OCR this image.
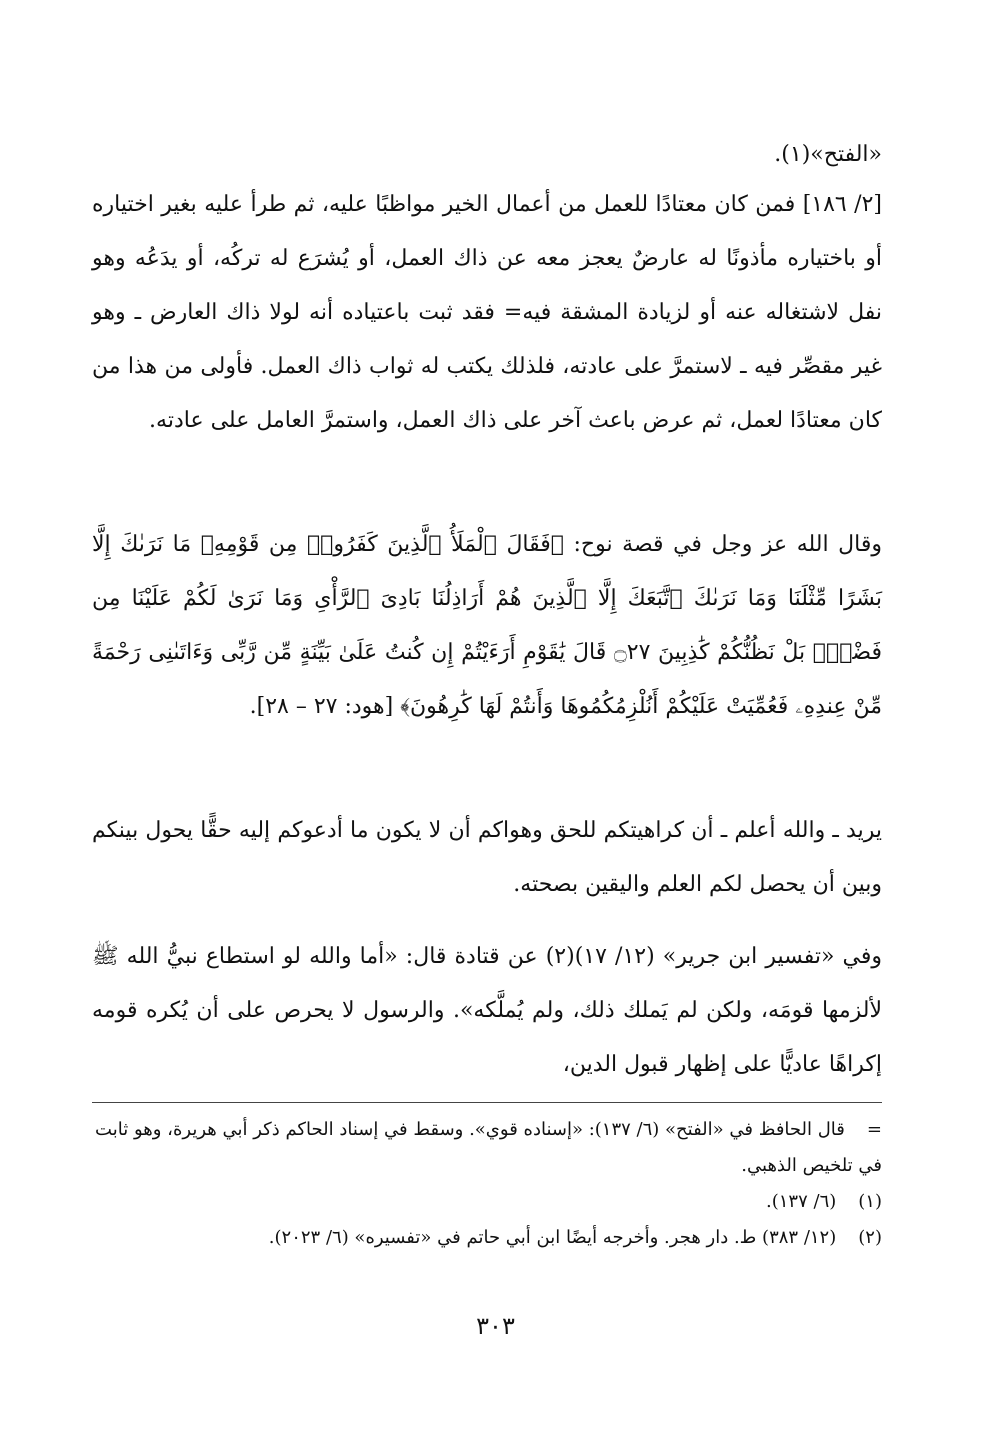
«الفتح»(١).

[٢/ ١٨٦] فمن كان معتادًا للعمل من أعمال الخير مواظبًا عليه، ثم طرأ عليه بغير اختياره أو باختياره مأذونًا له عارضٌ يعجز معه عن ذاك العمل، أو يُشرَع له تركُه، أو يدَعُه وهو نفل لاشتغاله عنه أو لزيادة المشقة فيه= فقد ثبت باعتياده أنه لولا ذاك العارض ـ وهو غير مقصِّر فيه ـ لاستمرَّ على عادته، فلذلك يكتب له ثواب ذاك العمل. فأولى من هذا من كان معتادًا لعمل، ثم عرض باعث آخر على ذاك العمل، واستمرَّ العامل على عادته.

وقال الله عز وجل في قصة نوح: ﴿فَقَالَ ٱلْمَلَأُ ٱلَّذِينَ كَفَرُوا۟ مِن قَوْمِهِۦ مَا نَرَىٰكَ إِلَّا بَشَرًا مِّثْلَنَا وَمَا نَرَىٰكَ ٱتَّبَعَكَ إِلَّا ٱلَّذِينَ هُمْ أَرَاذِلُنَا بَادِىَ ٱلرَّأْىِ وَمَا نَرَىٰ لَكُمْ عَلَيْنَا مِن فَضْلٍۭ بَلْ نَظُنُّكُمْ كَٰذِبِينَ ۝٢٧ قَالَ يَٰقَوْمِ أَرَءَيْتُمْ إِن كُنتُ عَلَىٰ بَيِّنَةٍ مِّن رَّبِّى وَءَاتَىٰنِى رَحْمَةً مِّنْ عِندِهِۦ فَعُمِّيَتْ عَلَيْكُمْ أَنُلْزِمُكُمُوهَا وَأَنتُمْ لَهَا كَٰرِهُونَ﴾ [هود: ٢٧ – ٢٨].

يريد ـ والله أعلم ـ أن كراهيتكم للحق وهواكم أن لا يكون ما أدعوكم إليه حقًّا يحول بينكم وبين أن يحصل لكم العلم واليقين بصحته.

وفي «تفسير ابن جرير» (١٢/ ١٧)(٢) عن قتادة قال: «أما والله لو استطاع نبيُّ الله ﷺ لألزمها قومَه، ولكن لم يَملك ذلك، ولم يُملَّكه». والرسول لا يحرص على أن يُكره قومه إكراهًا عاديًّا على إظهار قبول الدين،

=قال الحافظ في «الفتح» (٦/ ١٣٧): «إسناده قوي». وسقط في إسناد الحاكم ذكر أبي هريرة، وهو ثابت في تلخيص الذهبي.

(١)(٦/ ١٣٧).

(٢)(١٢/ ٣٨٣) ط. دار هجر. وأخرجه أيضًا ابن أبي حاتم في «تفسيره» (٦/ ٢٠٢٣).

٣٠٣
